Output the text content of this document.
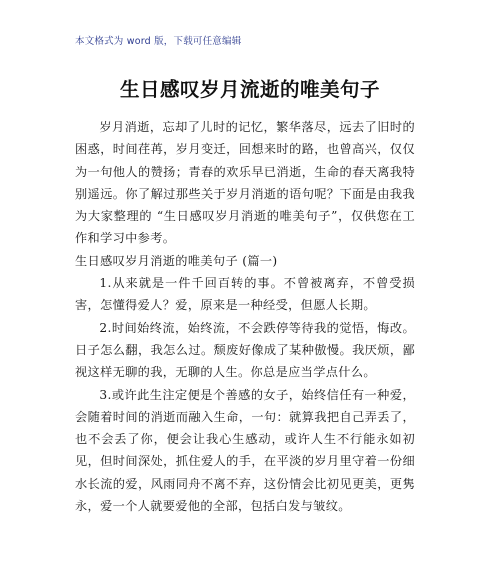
本文格式为 word 版，下载可任意编辑
生日感叹岁月流逝的唯美句子

岁月消逝，忘却了儿时的记忆，繁华落尽，远去了旧时的困惑，时间荏苒，岁月变迁，回想来时的路，也曾高兴，仅仅为一句他人的赞扬；青春的欢乐早已消逝，生命的春天离我特别遥远。你了解过那些关于岁月消逝的语句呢？下面是由我我为大家整理的 “生日感叹岁月消逝的唯美句子”，仅供您在工作和学习中参考。

生日感叹岁月消逝的唯美句子 (篇一)

1.从来就是一件千回百转的事。不曾被离弃，不曾受损害，怎懂得爱人？爱，原来是一种经受，但愿人长期。

2.时间始终流，始终流，不会跌停等待我的觉悟，悔改。日子怎么翻，我怎么过。颓废好像成了某种傲慢。我厌烦，鄙视这样无聊的我，无聊的人生。你总是应当学点什么。

3.或许此生注定便是个善感的女子，始终信任有一种爱，会随着时间的消逝而融入生命，一句：就算我把自己弄丢了，也不会丢了你，便会让我心生感动，或许人生不行能永如初见，但时间深处，抓住爱人的手，在平淡的岁月里守着一份细水长流的爱，风雨同舟不离不弃，这份情会比初见更美，更隽永，爱一个人就要爱他的全部，包括白发与皱纹。
